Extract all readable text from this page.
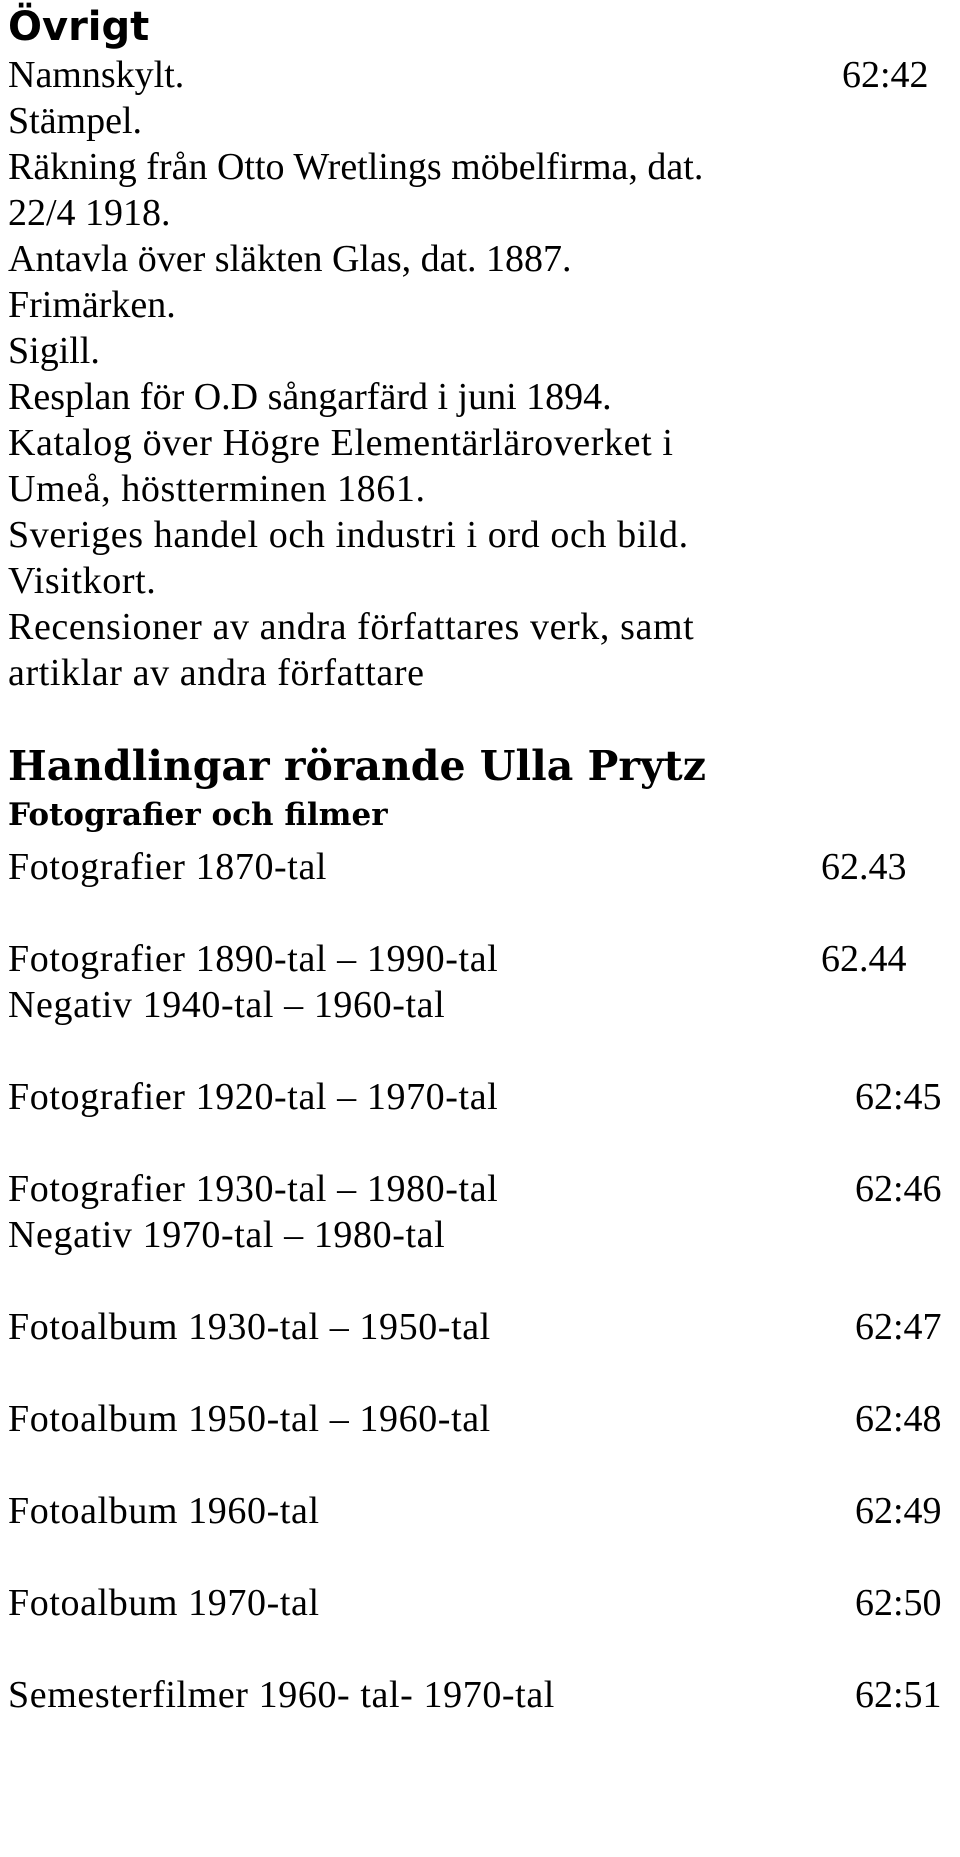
Övrigt
Namnskylt.	62:42
Stämpel.
Räkning från Otto Wretlings möbelfirma, dat.
22/4 1918.
Antavla över släkten Glas, dat. 1887.
Frimärken.
Sigill.
Resplan för O.D sångarfärd i juni 1894.
Katalog över Högre Elementärläroverket i
Umeå, höstterminen 1861.
Sveriges handel och industri i ord och bild.
Visitkort.
Recensioner av andra författares verk, samt
artiklar av andra författare
Handlingar rörande Ulla Prytz
Fotografier och filmer
Fotografier 1870-tal	62.43
Fotografier 1890-tal – 1990-tal	62.44
Negativ 1940-tal – 1960-tal
Fotografier 1920-tal – 1970-tal	62:45
Fotografier 1930-tal – 1980-tal	62:46
Negativ 1970-tal – 1980-tal
Fotoalbum 1930-tal – 1950-tal	62:47
Fotoalbum 1950-tal – 1960-tal	62:48
Fotoalbum 1960-tal	62:49
Fotoalbum 1970-tal	62:50
Semesterfilmer 1960- tal- 1970-tal	62:51
